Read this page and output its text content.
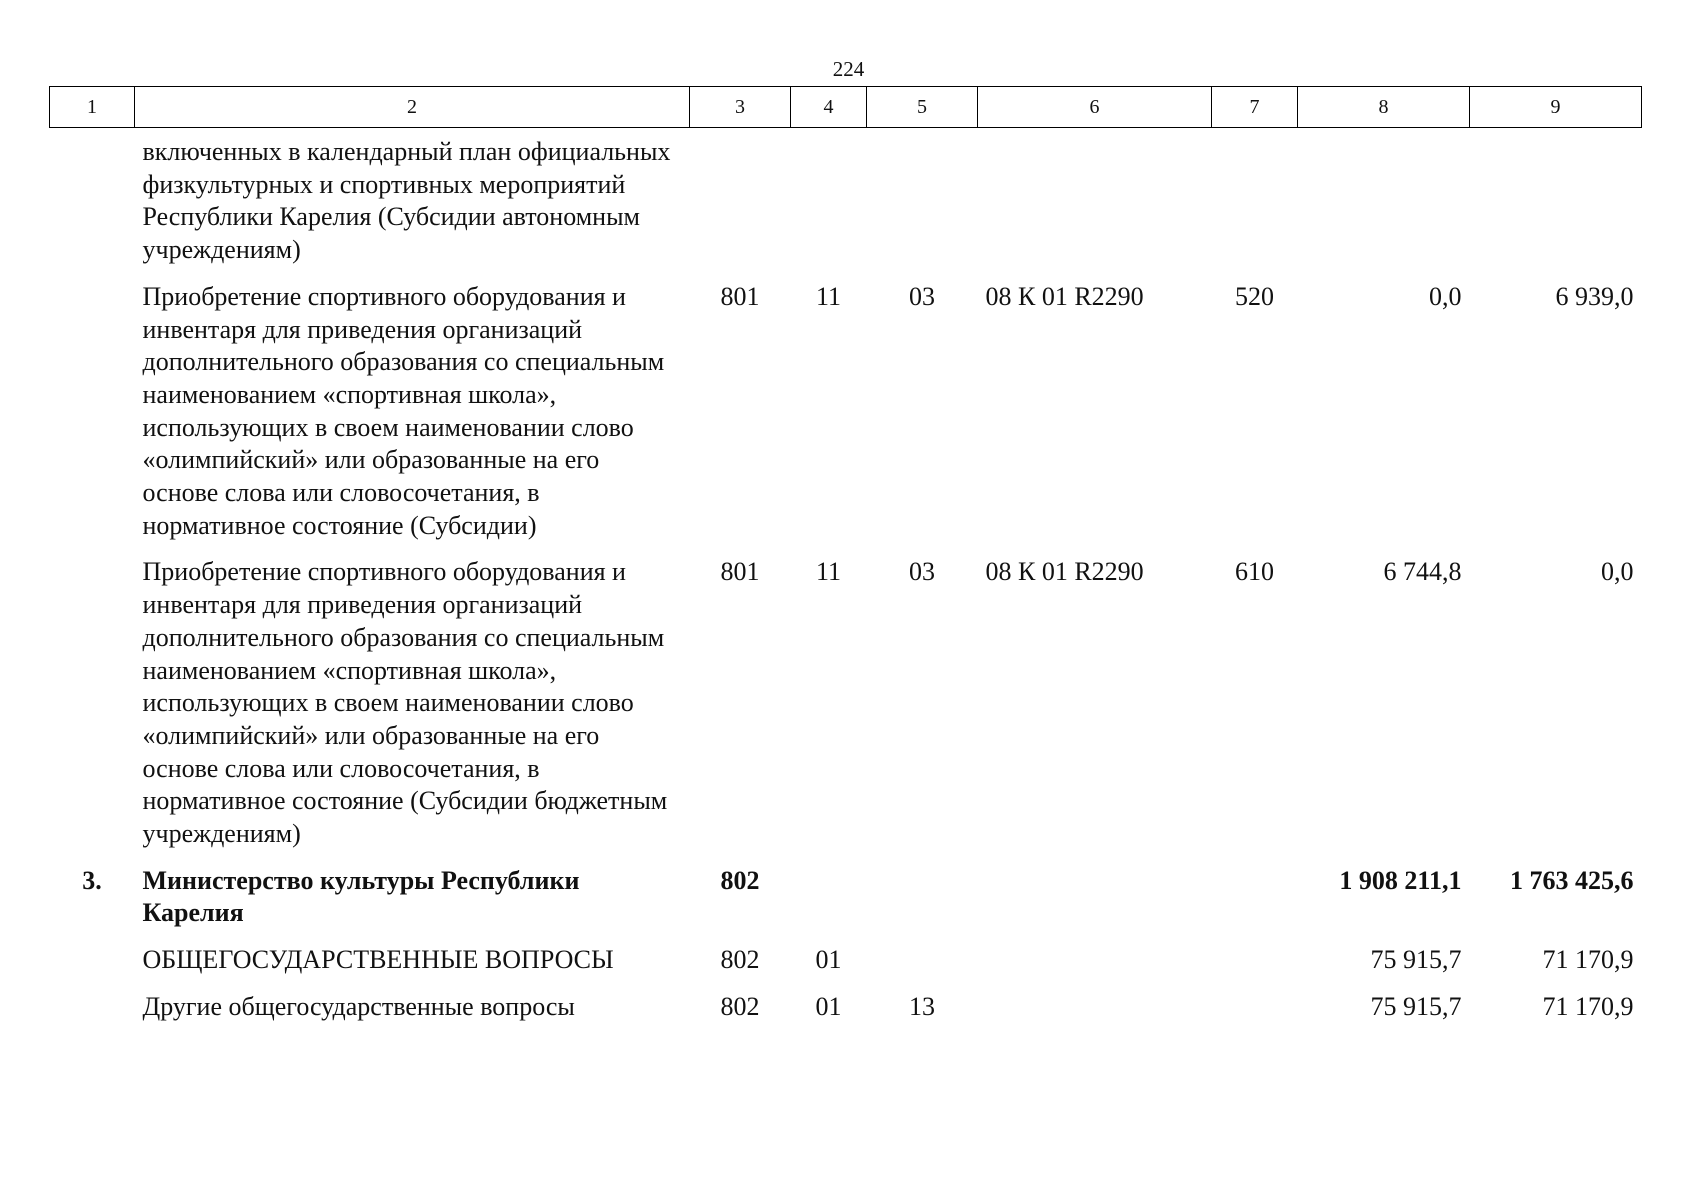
224
1	2	3	4	5	6	7	8	9
	включенных в календарный план официальных физкультурных и спортивных мероприятий Республики Карелия (Субсидии автономным учреждениям)							
	Приобретение спортивного оборудования и инвентаря для приведения организаций дополнительного образования со специальным наименованием «спортивная школа», использующих в своем наименовании слово «олимпийский» или образованные на его основе слова или словосочетания, в нормативное состояние (Субсидии)	801	11	03	08 К 01 R2290	520	0,0	6 939,0
	Приобретение спортивного оборудования и инвентаря для приведения организаций дополнительного образования со специальным наименованием «спортивная школа», использующих в своем наименовании слово «олимпийский» или образованные на его основе слова или словосочетания, в нормативное состояние (Субсидии бюджетным учреждениям)	801	11	03	08 К 01 R2290	610	6 744,8	0,0
3.	Министерство культуры Республики Карелия	802					1 908 211,1	1 763 425,6
	ОБЩЕГОСУДАРСТВЕННЫЕ ВОПРОСЫ	802	01				75 915,7	71 170,9
	Другие общегосударственные вопросы	802	01	13			75 915,7	71 170,9
